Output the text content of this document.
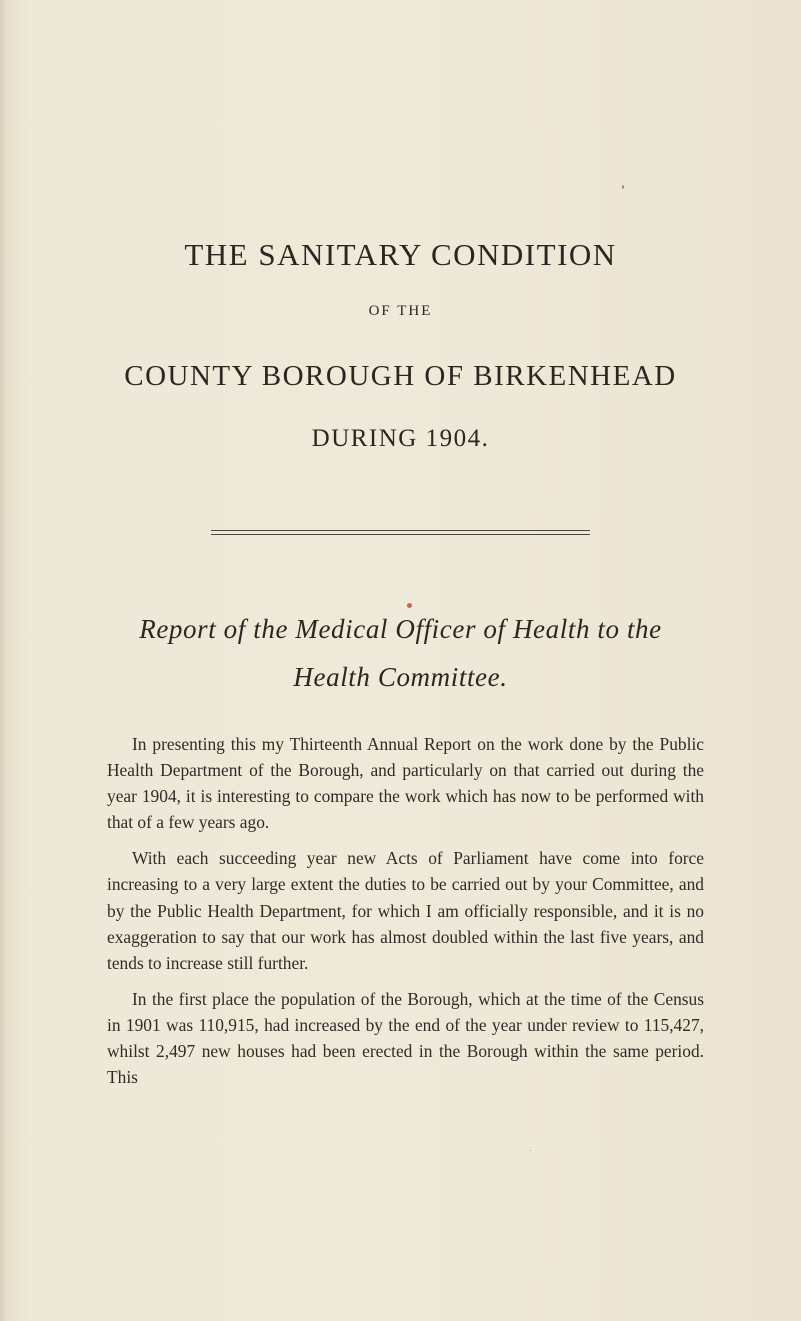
THE SANITARY CONDITION
OF THE
COUNTY BOROUGH OF BIRKENHEAD
DURING 1904.
Report of the Medical Officer of Health to the
Health Committee.

In presenting this my Thirteenth Annual Report on the work done by the Public Health Department of the Borough, and particularly on that carried out during the year 1904, it is interesting to compare the work which has now to be performed with that of a few years ago.

With each succeeding year new Acts of Parliament have come into force increasing to a very large extent the duties to be carried out by your Committee, and by the Public Health Department, for which I am officially responsible, and it is no exaggeration to say that our work has almost doubled within the last five years, and tends to increase still further.

In the first place the population of the Borough, which at the time of the Census in 1901 was 110,915, had increased by the end of the year under review to 115,427, whilst 2,497 new houses had been erected in the Borough within the same period. This
